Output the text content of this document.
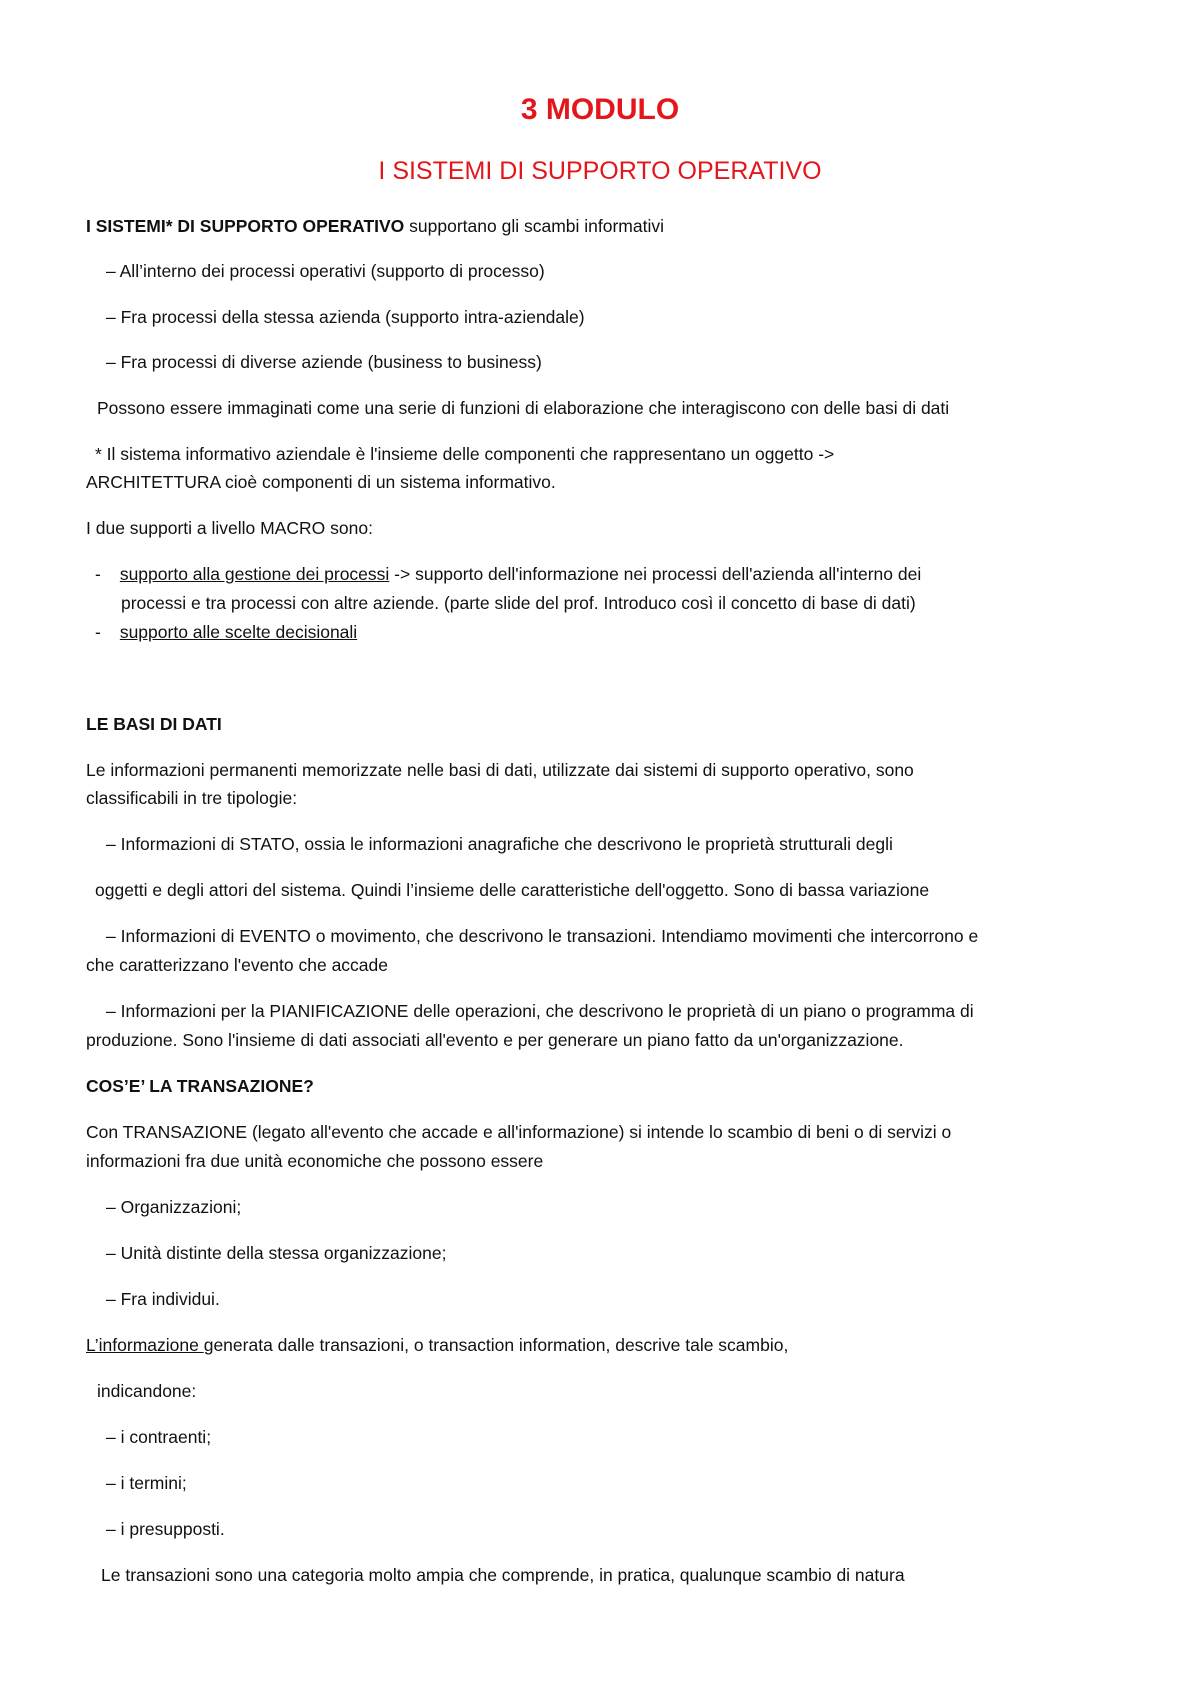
3 MODULO
I SISTEMI DI SUPPORTO OPERATIVO
I SISTEMI* DI SUPPORTO OPERATIVO supportano gli scambi informativi
– All’interno dei processi operativi (supporto di processo)
– Fra processi della stessa azienda (supporto intra-aziendale)
– Fra processi di diverse aziende (business to business)
Possono essere immaginati come una serie di funzioni di elaborazione che interagiscono con delle basi di dati
* Il sistema informativo aziendale è l'insieme delle componenti che rappresentano un oggetto ->
ARCHITETTURA cioè componenti di un sistema informativo.
I due supporti a livello MACRO sono:
- supporto alla gestione dei processi -> supporto dell'informazione nei processi dell'azienda all'interno dei
processi e tra processi con altre aziende. (parte slide del prof. Introduco così il concetto di base di dati)
- supporto alle scelte decisionali
LE BASI DI DATI
Le informazioni permanenti memorizzate nelle basi di dati, utilizzate dai sistemi di supporto operativo, sono
classificabili in tre tipologie:
– Informazioni di STATO, ossia le informazioni anagrafiche che descrivono le proprietà strutturali degli
oggetti e degli attori del sistema. Quindi l’insieme delle caratteristiche dell'oggetto. Sono di bassa variazione
– Informazioni di EVENTO o movimento, che descrivono le transazioni. Intendiamo movimenti che intercorrono e
che caratterizzano l'evento che accade
– Informazioni per la PIANIFICAZIONE delle operazioni, che descrivono le proprietà di un piano o programma di
produzione. Sono l'insieme di dati associati all'evento e per generare un piano fatto da un'organizzazione.
COS’E’ LA TRANSAZIONE?
Con TRANSAZIONE (legato all'evento che accade e all'informazione) si intende lo scambio di beni o di servizi o
informazioni fra due unità economiche che possono essere
– Organizzazioni;
– Unità distinte della stessa organizzazione;
– Fra individui.
L’informazione generata dalle transazioni, o transaction information, descrive tale scambio,
indicandone:
– i contraenti;
– i termini;
– i presupposti.
Le transazioni sono una categoria molto ampia che comprende, in pratica, qualunque scambio di natura
